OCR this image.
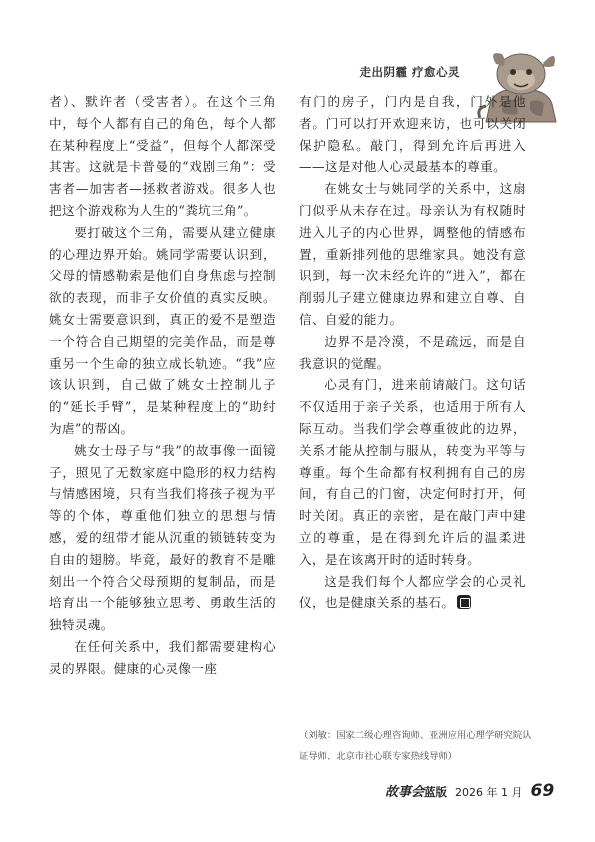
走出阴霾 疗愈心灵

者）、默许者（受害者）。在这个三角中，每个人都有自己的角色，每个人都在某种程度上“受益”，但每个人都深受其害。这就是卡普曼的“戏剧三角”：受害者—加害者—拯救者游戏。很多人也把这个游戏称为人生的“粪坑三角”。

要打破这个三角，需要从建立健康的心理边界开始。姚同学需要认识到，父母的情感勒索是他们自身焦虑与控制欲的表现，而非子女价值的真实反映。姚女士需要意识到，真正的爱不是塑造一个符合自己期望的完美作品，而是尊重另一个生命的独立成长轨迹。“我”应该认识到，自己做了姚女士控制儿子的“延长手臂”，是某种程度上的“助纣为虐”的帮凶。

姚女士母子与“我”的故事像一面镜子，照见了无数家庭中隐形的权力结构与情感困境，只有当我们将孩子视为平等的个体，尊重他们独立的思想与情感，爱的纽带才能从沉重的锁链转变为自由的翅膀。毕竟，最好的教育不是雕刻出一个符合父母预期的复制品，而是培育出一个能够独立思考、勇敢生活的独特灵魂。

在任何关系中，我们都需要建构心灵的界限。健康的心灵像一座

有门的房子，门内是自我，门外是他者。门可以打开欢迎来访，也可以关闭保护隐私。敲门，得到允许后再进入——这是对他人心灵最基本的尊重。

在姚女士与姚同学的关系中，这扇门似乎从未存在过。母亲认为有权随时进入儿子的内心世界，调整他的情感布置，重新排列他的思维家具。她没有意识到，每一次未经允许的“进入”，都在削弱儿子建立健康边界和建立自尊、自信、自爱的能力。

边界不是冷漠，不是疏远，而是自我意识的觉醒。

心灵有门，进来前请敲门。这句话不仅适用于亲子关系，也适用于所有人际互动。当我们学会尊重彼此的边界，关系才能从控制与服从，转变为平等与尊重。每个生命都有权利拥有自己的房间，有自己的门窗，决定何时打开，何时关闭。真正的亲密，是在敲门声中建立的尊重，是在得到允许后的温柔进入，是在该离开时的适时转身。

这是我们每个人都应学会的心灵礼仪，也是健康关系的基石。

（刘敏：国家二级心理咨询师、亚洲应用心理学研究院认证导师、北京市社心联专家热线导师）
故事会蓝版 2026 年 1 月 69
